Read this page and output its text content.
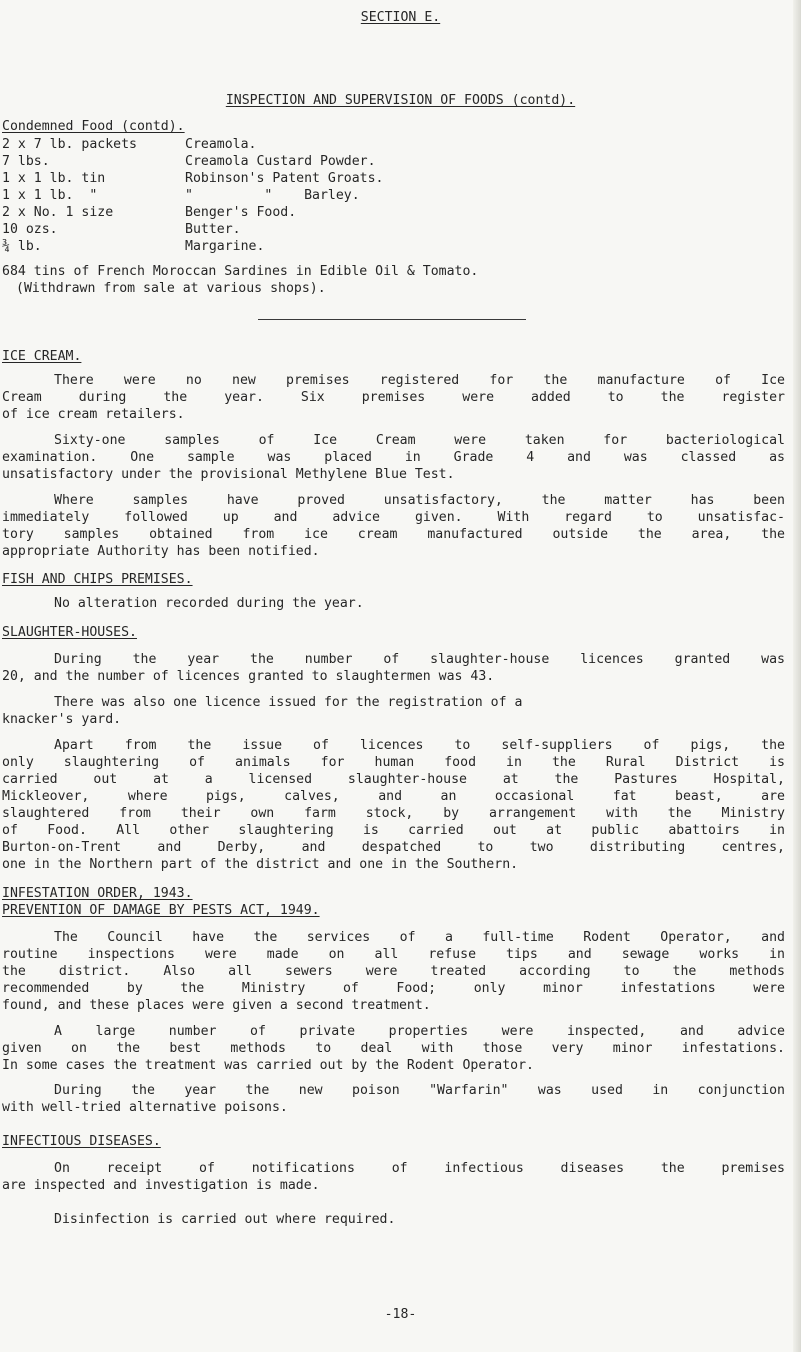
SECTION E.
INSPECTION AND SUPERVISION OF FOODS (contd).
Condemned Food (contd).
2 x 7 lb. packets	Creamola.
7 lbs.	Creamola Custard Powder.
1 x 1 lb. tin	Robinson's Patent Groats.
1 x 1 lb.  "	"         "    Barley.
2 x No. 1 size	Benger's Food.
10 ozs.	Butter.
¾ lb.	Margarine.
684 tins of French Moroccan Sardines in Edible Oil & Tomato.
(Withdrawn from sale at various shops).
ICE CREAM.
There were no new premises registered for the manufacture of Ice
Cream during the year. Six premises were added to the register
of ice cream retailers.
Sixty-one samples of Ice Cream were taken for bacteriological
examination. One sample was placed in Grade 4 and was classed as
unsatisfactory under the provisional Methylene Blue Test.
Where samples have proved unsatisfactory, the matter has been
immediately followed up and advice given. With regard to unsatisfac-
tory samples obtained from ice cream manufactured outside the area, the
appropriate Authority has been notified.
FISH AND CHIPS PREMISES.
No alteration recorded during the year.
SLAUGHTER-HOUSES.
During the year the number of slaughter-house licences granted was
20, and the number of licences granted to slaughtermen was 43.
There was also one licence issued for the registration of a
knacker's yard.
Apart from the issue of licences to self-suppliers of pigs, the
only slaughtering of animals for human food in the Rural District is
carried out at a licensed slaughter-house at the Pastures Hospital,
Mickleover, where pigs, calves, and an occasional fat beast, are
slaughtered from their own farm stock, by arrangement with the Ministry
of Food. All other slaughtering is carried out at public abattoirs in
Burton-on-Trent and Derby, and despatched to two distributing centres,
one in the Northern part of the district and one in the Southern.
INFESTATION ORDER, 1943.
PREVENTION OF DAMAGE BY PESTS ACT, 1949.
The Council have the services of a full-time Rodent Operator, and
routine inspections were made on all refuse tips and sewage works in
the district. Also all sewers were treated according to the methods
recommended by the Ministry of Food; only minor infestations were
found, and these places were given a second treatment.
A large number of private properties were inspected, and advice
given on the best methods to deal with those very minor infestations.
In some cases the treatment was carried out by the Rodent Operator.
During the year the new poison "Warfarin" was used in conjunction
with well-tried alternative poisons.
INFECTIOUS DISEASES.
On receipt of notifications of infectious diseases the premises
are inspected and investigation is made.
Disinfection is carried out where required.
-18-
